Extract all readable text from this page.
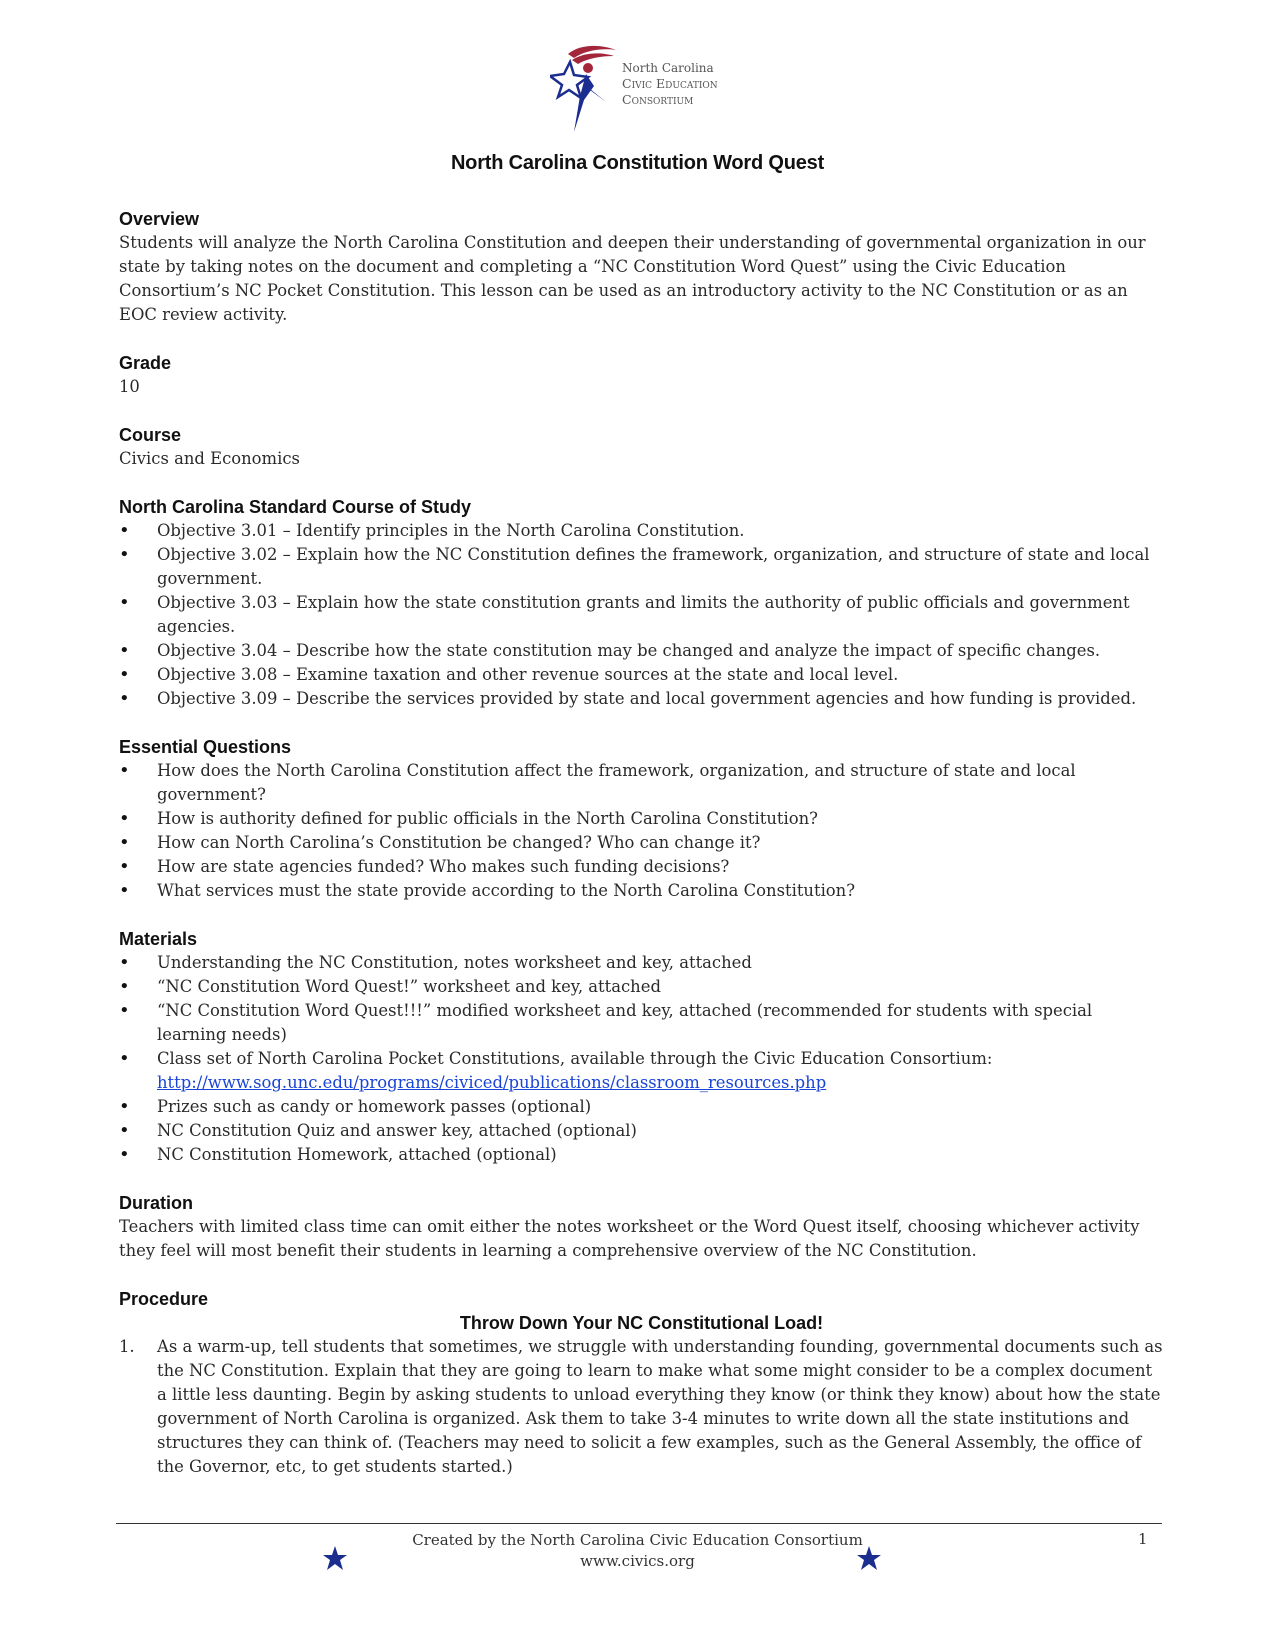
North Carolina
Civic Education
Consortium
North Carolina Constitution Word Quest
Overview

Students will analyze the North Carolina Constitution and deepen their understanding of governmental organization in our state by taking notes on the document and completing a “NC Constitution Word Quest” using the Civic Education Consortium’s NC Pocket Constitution. This lesson can be used as an introductory activity to the NC Constitution or as an EOC review activity.

Grade

10

Course

Civics and Economics

North Carolina Standard Course of Study
• Objective 3.01 – Identify principles in the North Carolina Constitution.
• Objective 3.02 – Explain how the NC Constitution defines the framework, organization, and structure of state and local government.
• Objective 3.03 – Explain how the state constitution grants and limits the authority of public officials and government agencies.
• Objective 3.04 – Describe how the state constitution may be changed and analyze the impact of specific changes.
• Objective 3.08 – Examine taxation and other revenue sources at the state and local level.
• Objective 3.09 – Describe the services provided by state and local government agencies and how funding is provided.
Essential Questions
• How does the North Carolina Constitution affect the framework, organization, and structure of state and local government?
• How is authority defined for public officials in the North Carolina Constitution?
• How can North Carolina’s Constitution be changed? Who can change it?
• How are state agencies funded? Who makes such funding decisions?
• What services must the state provide according to the North Carolina Constitution?
Materials
• Understanding the NC Constitution, notes worksheet and key, attached
• “NC Constitution Word Quest!” worksheet and key, attached
• “NC Constitution Word Quest!!!” modified worksheet and key, attached (recommended for students with special learning needs)
• Class set of North Carolina Pocket Constitutions, available through the Civic Education Consortium:
http://www.sog.unc.edu/programs/civiced/publications/classroom_resources.php
• Prizes such as candy or homework passes (optional)
• NC Constitution Quiz and answer key, attached (optional)
• NC Constitution Homework, attached (optional)
Duration

Teachers with limited class time can omit either the notes worksheet or the Word Quest itself, choosing whichever activity they feel will most benefit their students in learning a comprehensive overview of the NC Constitution.

Procedure
Throw Down Your NC Constitutional Load!
1. As a warm-up, tell students that sometimes, we struggle with understanding founding, governmental documents such as the NC Constitution. Explain that they are going to learn to make what some might consider to be a complex document a little less daunting. Begin by asking students to unload everything they know (or think they know) about how the state government of North Carolina is organized. Ask them to take 3-4 minutes to write down all the state institutions and structures they can think of. (Teachers may need to solicit a few examples, such as the General Assembly, the office of the Governor, etc, to get students started.)
Created by the North Carolina Civic Education Consortium
www.civics.org
1
